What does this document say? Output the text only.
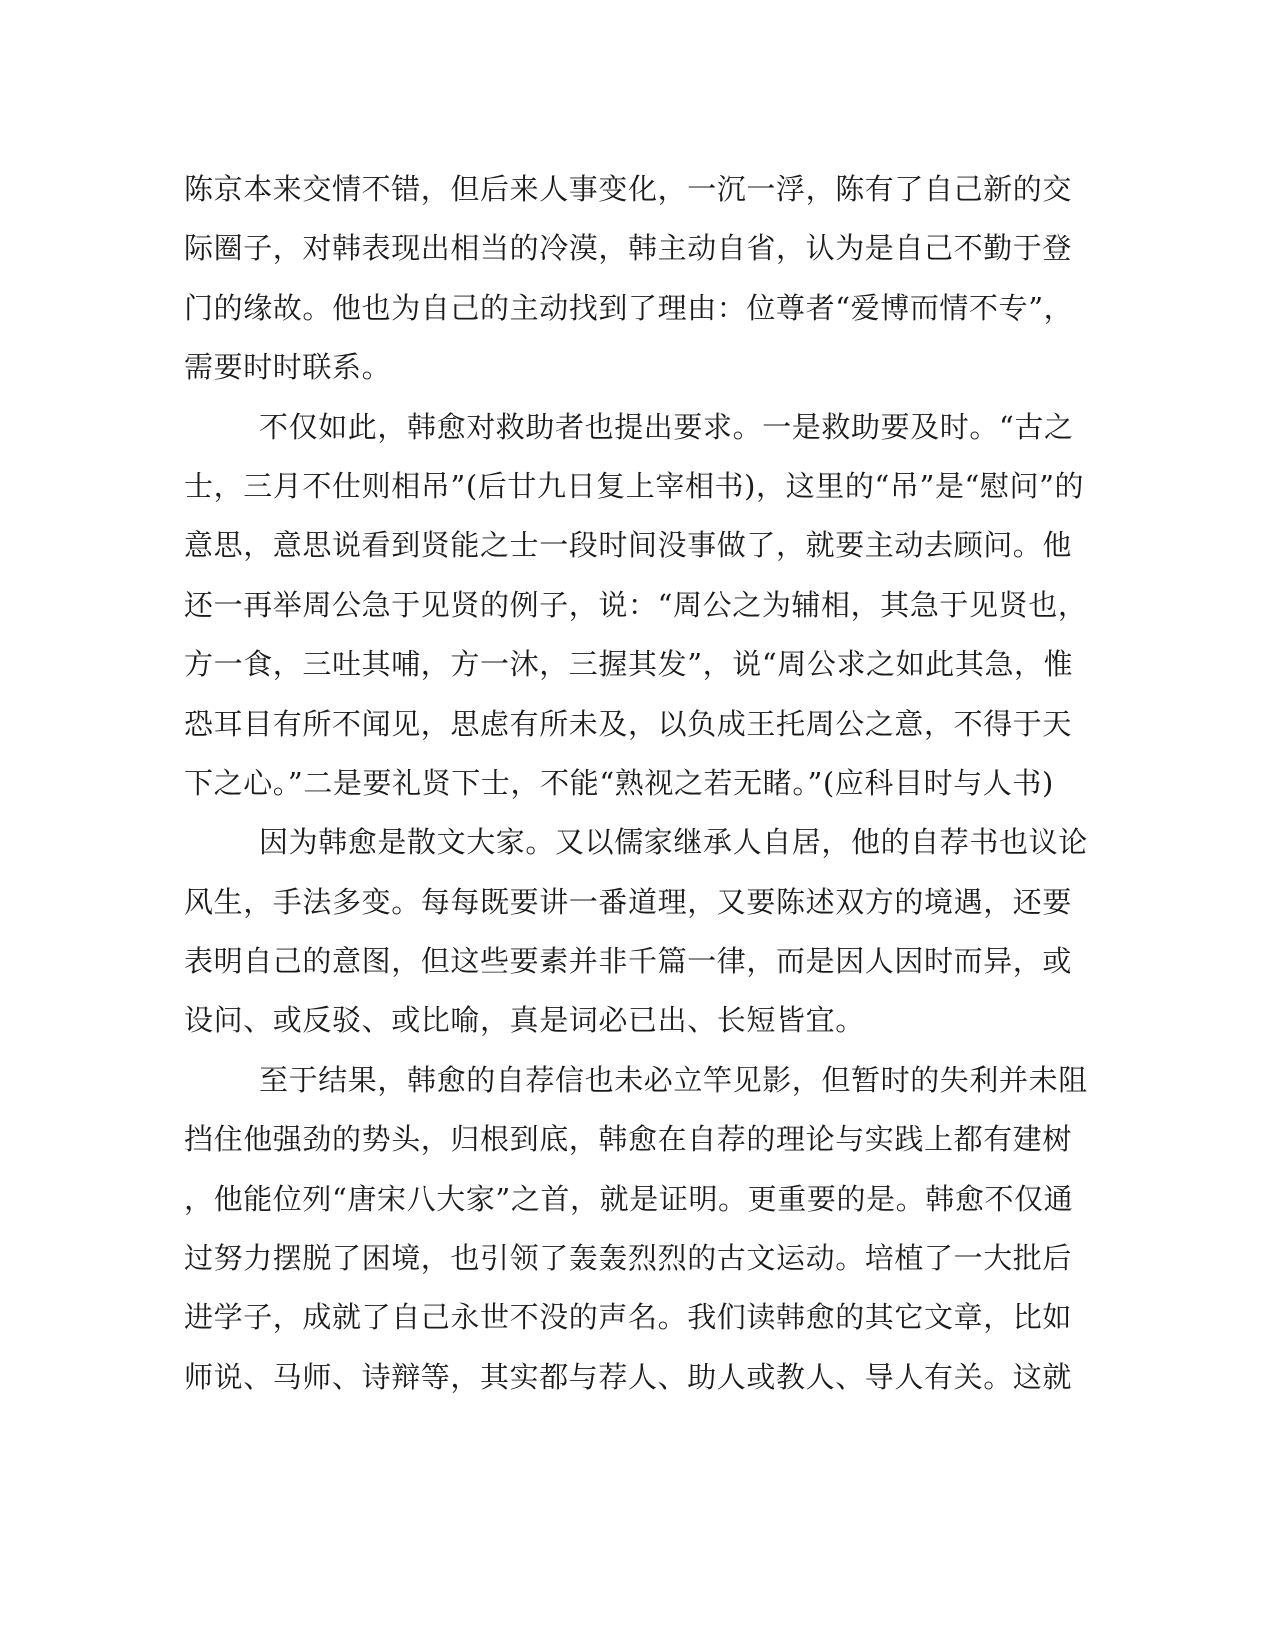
陈京本来交情不错，但后来人事变化，一沉一浮，陈有了自己新的交
际圈子，对韩表现出相当的冷漠，韩主动自省，认为是自己不勤于登
门的缘故。他也为自己的主动找到了理由：位尊者“爱博而情不专”，
需要时时联系。
不仅如此，韩愈对救助者也提出要求。一是救助要及时。“古之
士，三月不仕则相吊”(后廿九日复上宰相书)，这里的“吊”是“慰问”的
意思，意思说看到贤能之士一段时间没事做了，就要主动去顾问。他
还一再举周公急于见贤的例子，说：“周公之为辅相，其急于见贤也，
方一食，三吐其哺，方一沐，三握其发”，说“周公求之如此其急，惟
恐耳目有所不闻见，思虑有所未及，以负成王托周公之意，不得于天
下之心。”二是要礼贤下士，不能“熟视之若无睹。”(应科目时与人书)
因为韩愈是散文大家。又以儒家继承人自居，他的自荐书也议论
风生，手法多变。每每既要讲一番道理，又要陈述双方的境遇，还要
表明自己的意图，但这些要素并非千篇一律，而是因人因时而异，或
设问、或反驳、或比喻，真是词必已出、长短皆宜。
至于结果，韩愈的自荐信也未必立竿见影，但暂时的失利并未阻
挡住他强劲的势头，归根到底，韩愈在自荐的理论与实践上都有建树
，他能位列“唐宋八大家”之首，就是证明。更重要的是。韩愈不仅通
过努力摆脱了困境，也引领了轰轰烈烈的古文运动。培植了一大批后
进学子，成就了自己永世不没的声名。我们读韩愈的其它文章，比如
师说、马师、诗辩等，其实都与荐人、助人或教人、导人有关。这就
